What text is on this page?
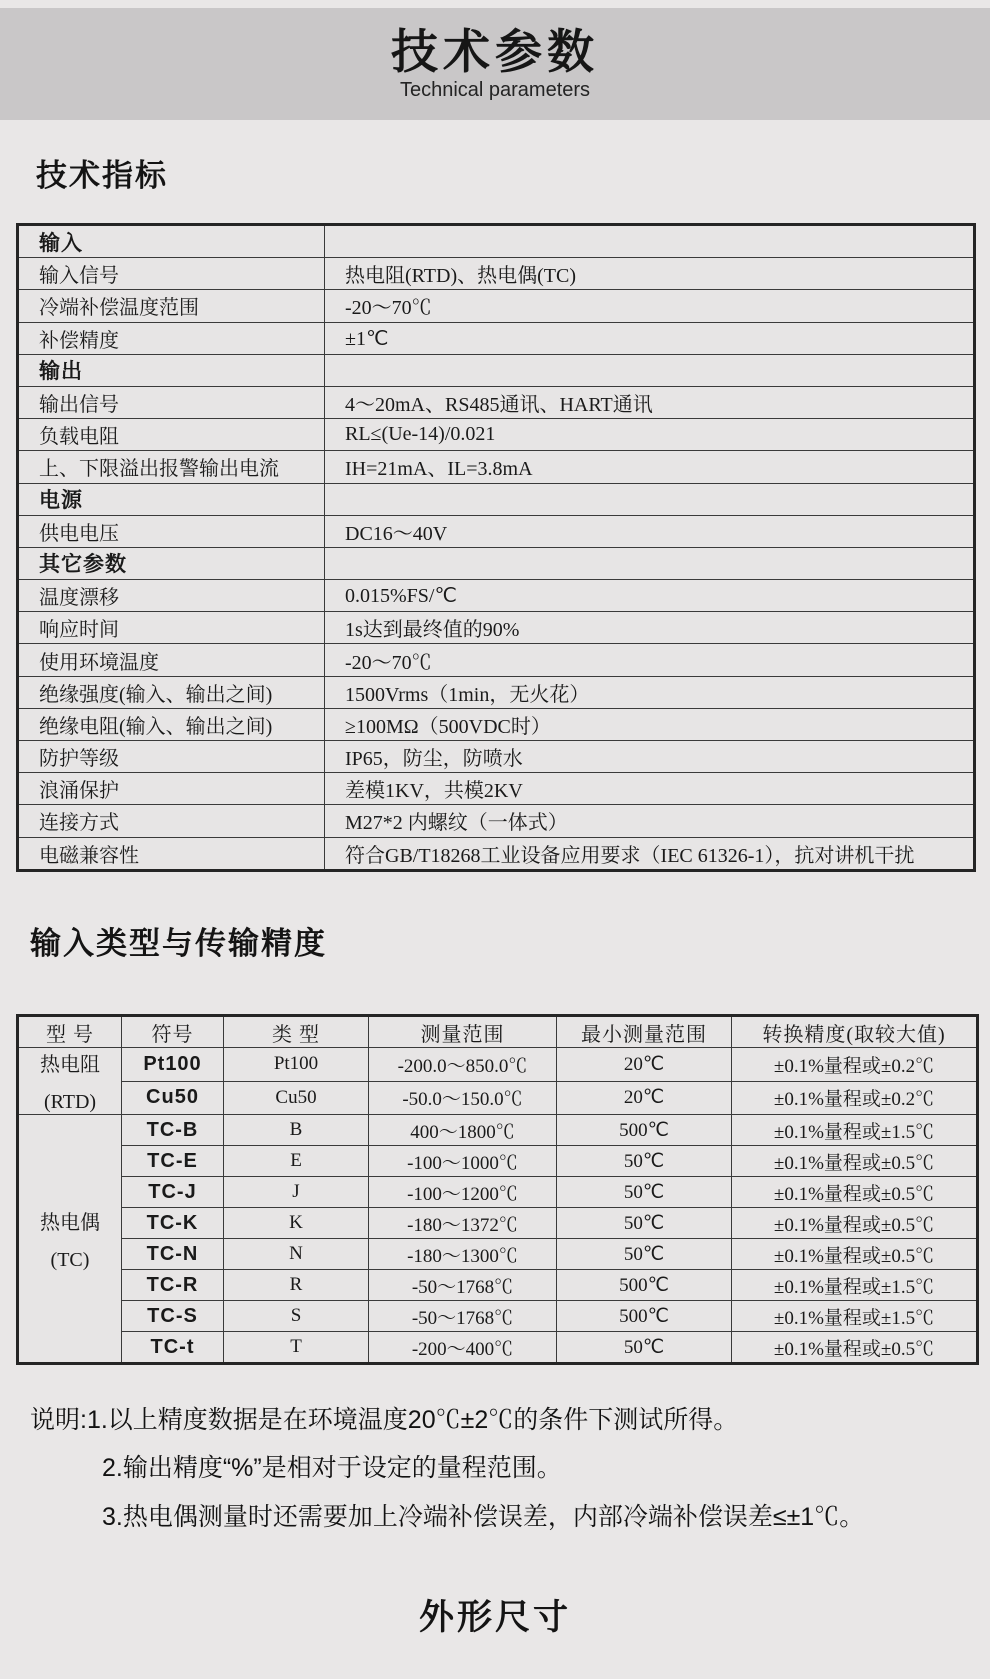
技术参数
Technical parameters
技术指标
输入	
输入信号	热电阻(RTD)、热电偶(TC)
冷端补偿温度范围	-20～70℃
补偿精度	±1℃
输出	
输出信号	4～20mA、RS485通讯、HART通讯
负载电阻	RL≤(Ue-14)/0.021
上、下限溢出报警输出电流	IH=21mA、IL=3.8mA
电源	
供电电压	DC16～40V
其它参数	
温度漂移	0.015%FS/℃
响应时间	1s达到最终值的90%
使用环境温度	-20～70℃
绝缘强度(输入、输出之间)	1500Vrms（1min，无火花）
绝缘电阻(输入、输出之间)	≥100MΩ（500VDC时）
防护等级	IP65，防尘，防喷水
浪涌保护	差模1KV，共模2KV
连接方式	M27*2 内螺纹（一体式）
电磁兼容性	符合GB/T18268工业设备应用要求（IEC 61326-1），抗对讲机干扰
输入类型与传输精度
型 号	符号	类 型	测量范围	最小测量范围	转换精度(取较大值)

热电阻
(RTD)	Pt100	Pt100	-200.0～850.0℃	20℃	±0.1%量程或±0.2℃
	Cu50	Cu50	-50.0～150.0℃	20℃	±0.1%量程或±0.2℃

热电偶
(TC)	TC-B	B	400～1800℃	500℃	±0.1%量程或±1.5℃
	TC-E	E	-100～1000℃	50℃	±0.1%量程或±0.5℃
	TC-J	J	-100～1200℃	50℃	±0.1%量程或±0.5℃
	TC-K	K	-180～1372℃	50℃	±0.1%量程或±0.5℃
	TC-N	N	-180～1300℃	50℃	±0.1%量程或±0.5℃
	TC-R	R	-50～1768℃	500℃	±0.1%量程或±1.5℃
	TC-S	S	-50～1768℃	500℃	±0.1%量程或±1.5℃
	TC-t	T	-200～400℃	50℃	±0.1%量程或±0.5℃
说明: 1.以上精度数据是在环境温度20℃±2℃的条件下测试所得。
2.输出精度“%”是相对于设定的量程范围。
3.热电偶测量时还需要加上冷端补偿误差，内部冷端补偿误差≤±1℃。
外形尺寸
